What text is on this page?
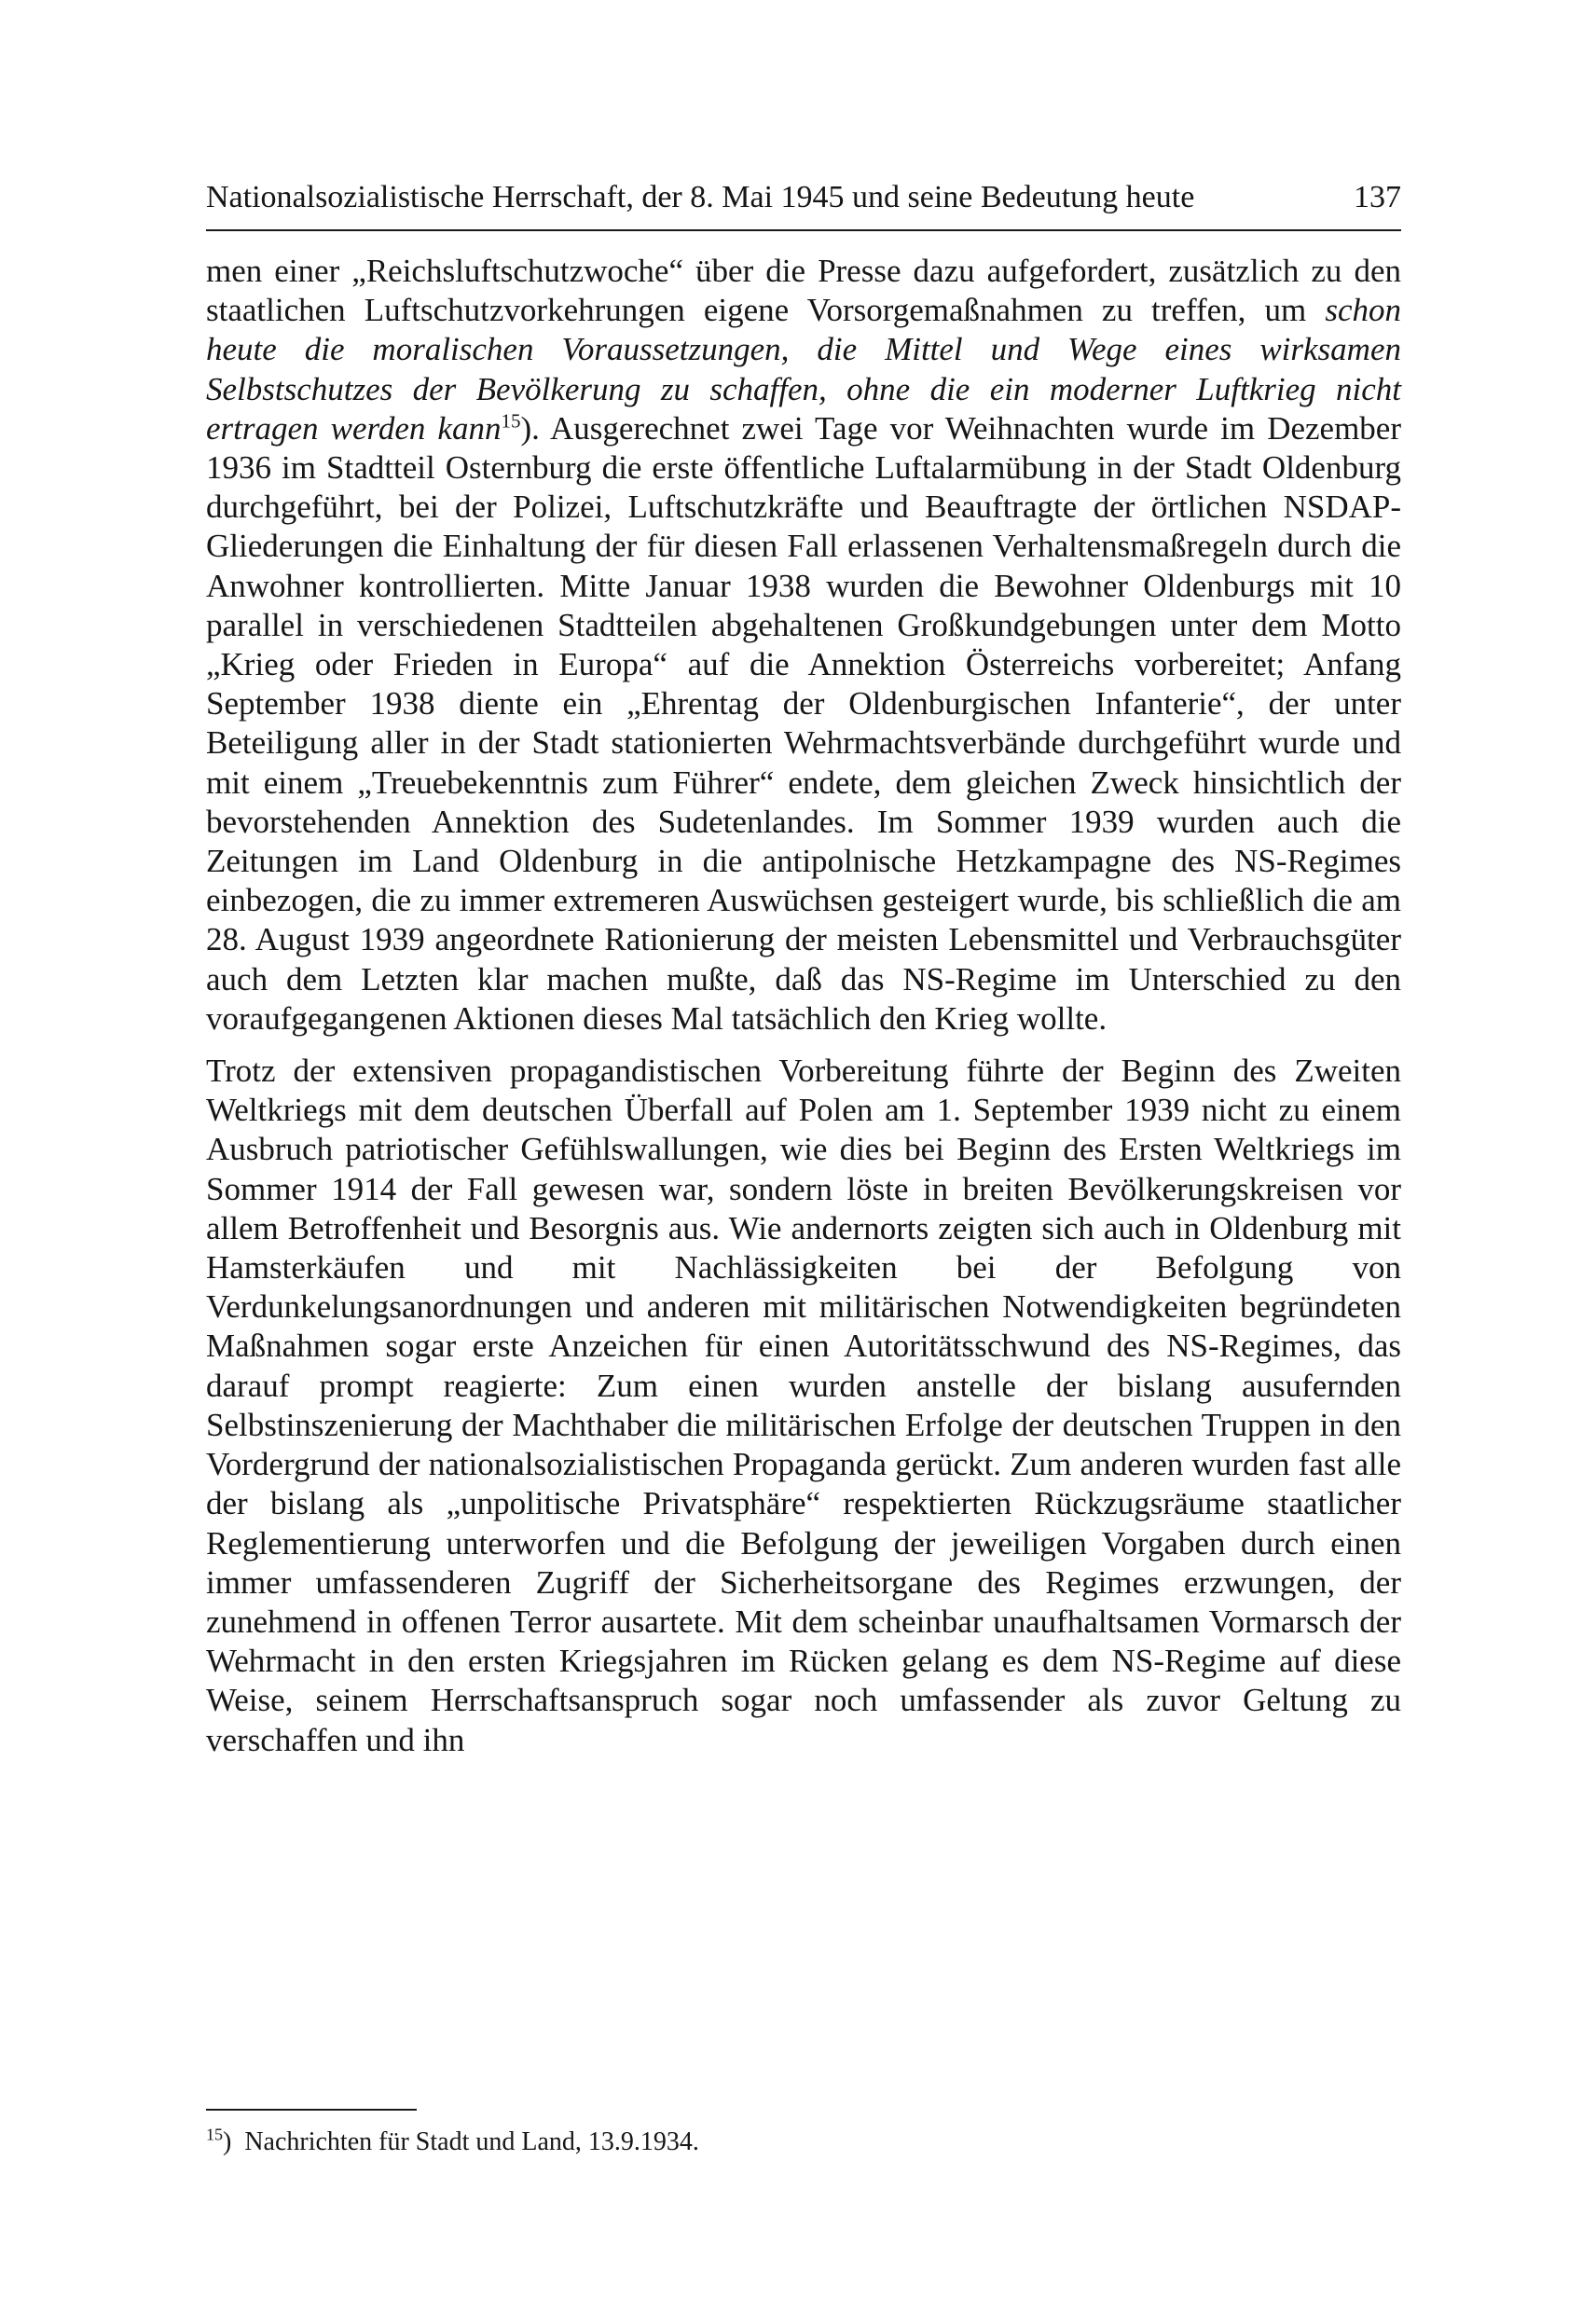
Nationalsozialistische Herrschaft, der 8. Mai 1945 und seine Bedeutung heute	137

men einer „Reichsluftschutzwoche“ über die Presse dazu aufgefordert, zusätzlich zu den staatlichen Luftschutzvorkehrungen eigene Vorsorgemaßnahmen zu treffen, um schon heute die moralischen Voraussetzungen, die Mittel und Wege eines wirksamen Selbstschutzes der Bevölkerung zu schaffen, ohne die ein moderner Luftkrieg nicht ertragen werden kann$^{15}$). Ausgerechnet zwei Tage vor Weihnachten wurde im Dezember 1936 im Stadtteil Osternburg die erste öffentliche Luftalarmübung in der Stadt Oldenburg durchgeführt, bei der Polizei, Luftschutzkräfte und Beauftragte der örtlichen NSDAP-Gliederungen die Einhaltung der für diesen Fall erlassenen Verhaltensmaßregeln durch die Anwohner kontrollierten. Mitte Januar 1938 wurden die Bewohner Oldenburgs mit 10 parallel in verschiedenen Stadtteilen abgehaltenen Großkundgebungen unter dem Motto „Krieg oder Frieden in Europa“ auf die Annektion Österreichs vorbereitet; Anfang September 1938 diente ein „Ehrentag der Oldenburgischen Infanterie“, der unter Beteiligung aller in der Stadt stationierten Wehrmachtsverbände durchgeführt wurde und mit einem „Treuebekenntnis zum Führer“ endete, dem gleichen Zweck hinsichtlich der bevorstehenden Annektion des Sudetenlandes. Im Sommer 1939 wurden auch die Zeitungen im Land Oldenburg in die antipolnische Hetzkampagne des NS-Regimes einbezogen, die zu immer extremeren Auswüchsen gesteigert wurde, bis schließlich die am 28. August 1939 angeordnete Rationierung der meisten Lebensmittel und Verbrauchsgüter auch dem Letzten klar machen mußte, daß das NS-Regime im Unterschied zu den voraufgegangenen Aktionen dieses Mal tatsächlich den Krieg wollte.

Trotz der extensiven propagandistischen Vorbereitung führte der Beginn des Zweiten Weltkriegs mit dem deutschen Überfall auf Polen am 1. September 1939 nicht zu einem Ausbruch patriotischer Gefühlswallungen, wie dies bei Beginn des Ersten Weltkriegs im Sommer 1914 der Fall gewesen war, sondern löste in breiten Bevölkerungskreisen vor allem Betroffenheit und Besorgnis aus. Wie andernorts zeigten sich auch in Oldenburg mit Hamsterkäufen und mit Nachlässigkeiten bei der Befolgung von Verdunkelungsanordnungen und anderen mit militärischen Notwendigkeiten begründeten Maßnahmen sogar erste Anzeichen für einen Autoritätsschwund des NS-Regimes, das darauf prompt reagierte: Zum einen wurden anstelle der bislang ausufernden Selbstinszenierung der Machthaber die militärischen Erfolge der deutschen Truppen in den Vordergrund der nationalsozialistischen Propaganda gerückt. Zum anderen wurden fast alle der bislang als „unpolitische Privatsphäre“ respektierten Rückzugsräume staatlicher Reglementierung unterworfen und die Befolgung der jeweiligen Vorgaben durch einen immer umfassenderen Zugriff der Sicherheitsorgane des Regimes erzwungen, der zunehmend in offenen Terror ausartete. Mit dem scheinbar unaufhaltsamen Vormarsch der Wehrmacht in den ersten Kriegsjahren im Rücken gelang es dem NS-Regime auf diese Weise, seinem Herrschaftsanspruch sogar noch umfassender als zuvor Geltung zu verschaffen und ihn

$^{15}$) Nachrichten für Stadt und Land, 13.9.1934.
